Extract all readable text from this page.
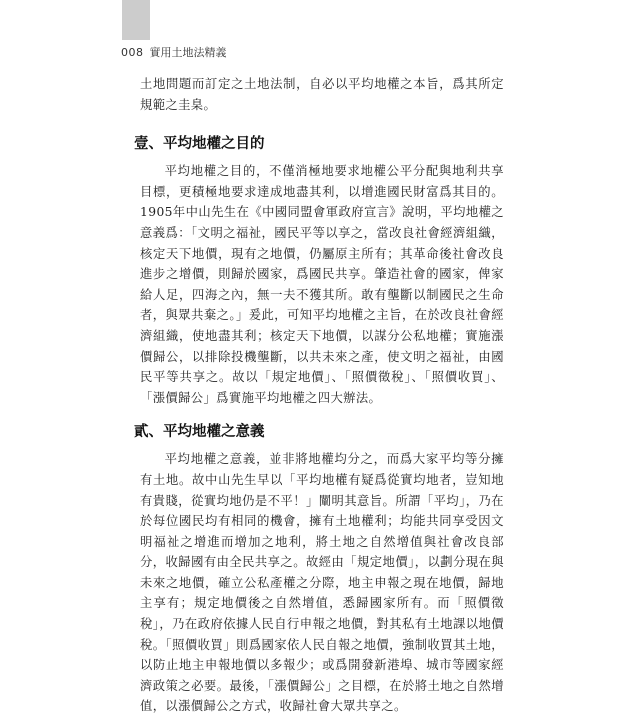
008 實用土地法精義

土地問題而訂定之土地法制，自必以平均地權之本旨，爲其所定規範之圭臬。

壹、平均地權之目的

平均地權之目的，不僅消極地要求地權公平分配與地利共享目標，更積極地要求達成地盡其利，以增進國民財富爲其目的。1905年中山先生在《中國同盟會軍政府宣言》說明，平均地權之意義爲：「文明之福祉，國民平等以享之，當改良社會經濟組織，核定天下地價，現有之地價，仍屬原主所有；其革命後社會改良進步之增價，則歸於國家，爲國民共享。肇造社會的國家，俾家給人足，四海之內，無一夫不獲其所。敢有壟斷以制國民之生命者，與眾共棄之。」爰此，可知平均地權之主旨，在於改良社會經濟組織，使地盡其利；核定天下地價，以謀分公私地權；實施漲價歸公，以排除投機壟斷，以共未來之產，使文明之福祉，由國民平等共享之。故以「規定地價」、「照價徵稅」、「照價收買」、「漲價歸公」爲實施平均地權之四大辦法。

貳、平均地權之意義

平均地權之意義，並非將地權均分之，而爲大家平均等分擁有土地。故中山先生早以「平均地權有疑爲從實均地者，豈知地有貴賤，從實均地仍是不平！」闡明其意旨。所謂「平均」，乃在於每位國民均有相同的機會，擁有土地權利；均能共同享受因文明福祉之增進而增加之地利，將土地之自然增值與社會改良部分，收歸國有由全民共享之。故經由「規定地價」，以劃分現在與未來之地價，確立公私產權之分際，地主申報之現在地價，歸地主享有；規定地價後之自然增值，悉歸國家所有。而「照價徵稅」，乃在政府依據人民自行申報之地價，對其私有土地課以地價稅。「照價收買」則爲國家依人民自報之地價，強制收買其土地，以防止地主申報地價以多報少；或爲開發新港埠、城市等國家經濟政策之必要。最後，「漲價歸公」之目標，在於將土地之自然增值，以漲價歸公之方式，收歸社會大眾共享之。
